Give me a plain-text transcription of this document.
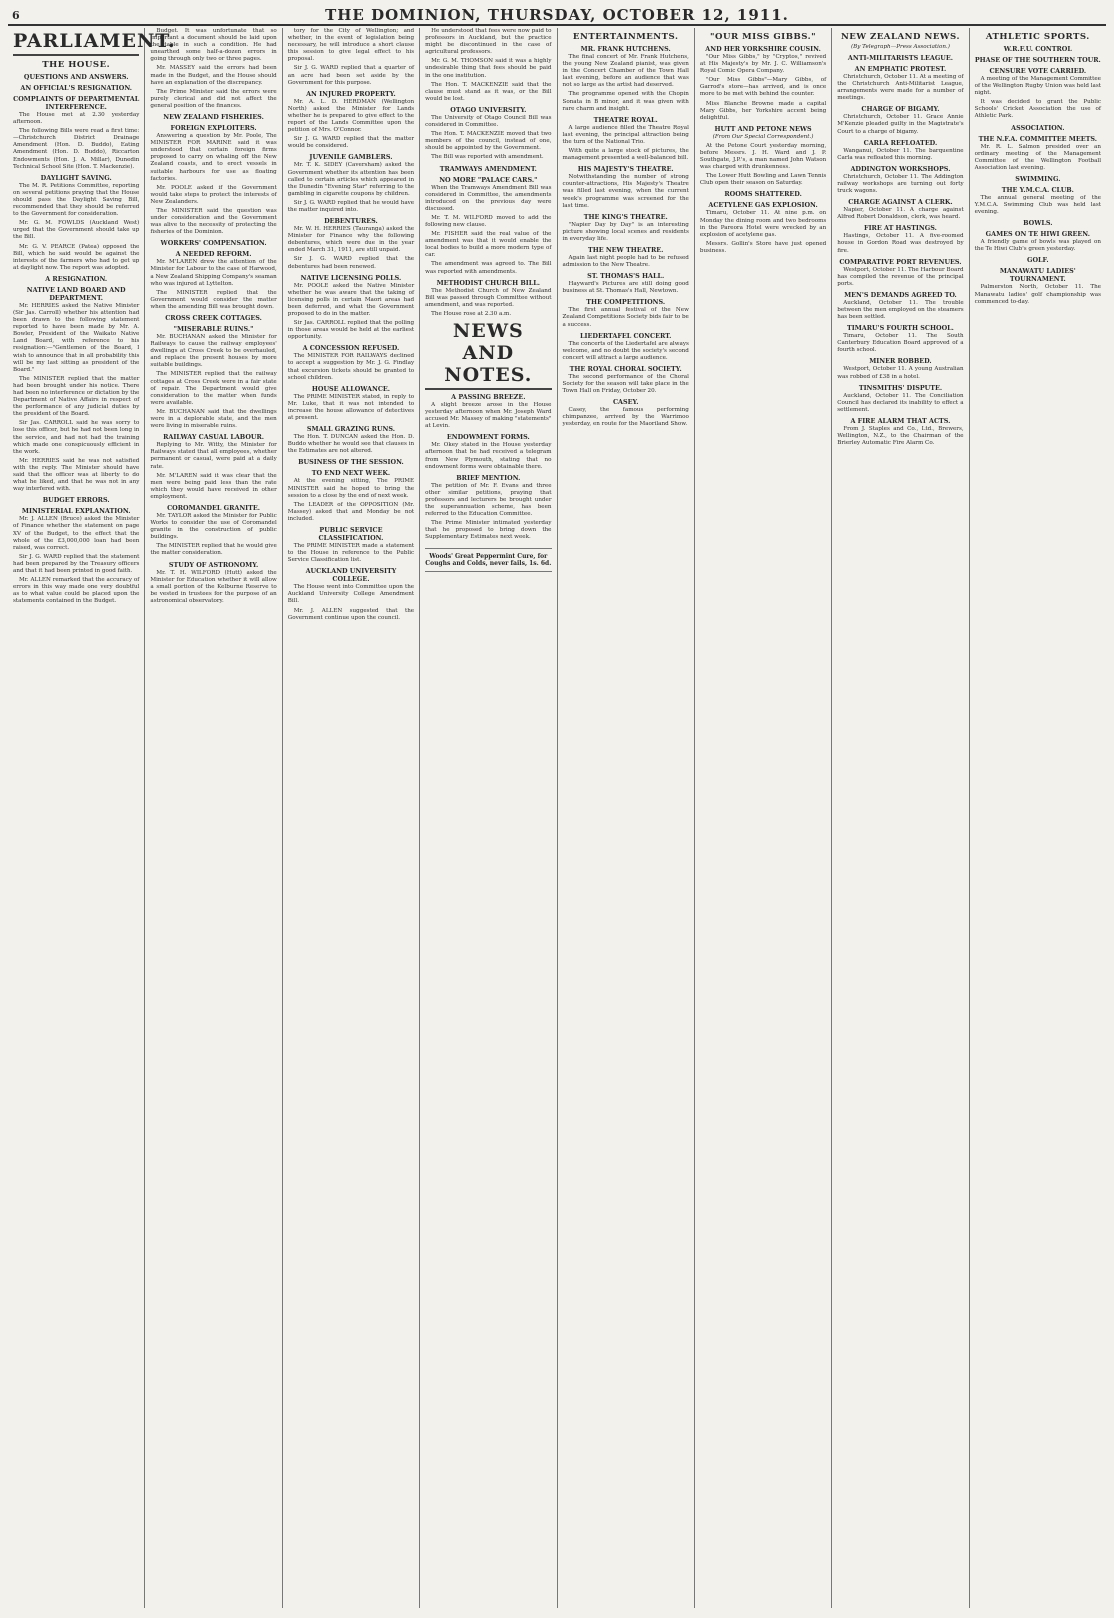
6	THE DOMINION, THURSDAY, OCTOBER 12, 1911.
PARLIAMENT.
THE HOUSE.
QUESTIONS AND ANSWERS.
AN OFFICIAL'S RESIGNATION.
COMPLAINTS OF DEPARTMENTAL INTERFERENCE.

The House met at 2.30 yesterday afternoon.

The following Bills were read a first time:—Christchurch District Drainage Amendment (Hon. D. Buddo), Eating Amendment (Hon. D. Buddo), Riccarton Endowments (Hon. J. A. Millar), Dunedin Technical School Site (Hon. T. Mackenzie).

DAYLIGHT SAVING.

The M. R. Petitions Committee, reporting on several petitions praying that the House should pass the Daylight Saving Bill, recommended that they should be referred to the Government for consideration.

Mr. G. M. FOWLDS (Auckland West) urged that the Government should take up the Bill.

Mr. G. V. PEARCE (Patea) opposed the Bill, which he said would be against the interests of the farmers who had to get up at daylight now. The report was adopted.

A RESIGNATION.
NATIVE LAND BOARD AND DEPARTMENT.

Mr. HERRIES asked the Native Minister (Sir Jas. Carroll) whether his attention had been drawn to the following statement reported to have been made by Mr. A. Bowler, President of the Waikato Native Land Board, with reference to his resignation:—"Gentlemen of the Board, I wish to announce that in all probability this will be my last sitting as president of the Board."

The MINISTER replied that the matter had been brought under his notice. There had been no interference or dictation by the Department of Native Affairs in respect of the performance of any judicial duties by the president of the Board.

Sir Jas. CARROLL said he was sorry to lose this officer, but he had not been long in the service, and had not had the training which made one conspicuously efficient in the work.

Mr. HERRIES said he was not satisfied with the reply. The Minister should have said that the officer was at liberty to do what he liked, and that he was not in any way interfered with.

BUDGET ERRORS.
MINISTERIAL EXPLANATION.

Mr. J. ALLEN (Bruce) asked the Minister of Finance whether the statement on page XV of the Budget, to the effect that the whole of the £3,000,000 loan had been raised, was correct.

Sir J. G. WARD replied that the statement had been prepared by the Treasury officers and that it had been printed in good faith.

Mr. ALLEN remarked that the accuracy of errors in this way made one very doubtful as to what value could be placed upon the statements contained in the Budget.

Budget. It was unfortunate that so important a document should be laid upon the table in such a condition. He had unearthed some half-a-dozen errors in going through only two or three pages.

Mr. MASSEY said the errors had been made in the Budget, and the House should have an explanation of the discrepancy.

The Prime Minister said the errors were purely clerical and did not affect the general position of the finances.

NEW ZEALAND FISHERIES.
FOREIGN EXPLOITERS.

Answering a question by Mr. Poole, The MINISTER FOR MARINE said it was understood that certain foreign firms proposed to carry on whaling off the New Zealand coasts, and to erect vessels in suitable harbours for use as floating factories.

Mr. POOLE asked if the Government would take steps to protect the interests of New Zealanders.

The MINISTER said the question was under consideration and the Government was alive to the necessity of protecting the fisheries of the Dominion.

WORKERS' COMPENSATION.
A NEEDED REFORM.

Mr. M'LAREN drew the attention of the Minister for Labour to the case of Harwood, a New Zealand Shipping Company's seaman who was injured at Lyttelton.

The MINISTER replied that the Government would consider the matter when the amending Bill was brought down.

CROSS CREEK COTTAGES.
"MISERABLE RUINS."

Mr. BUCHANAN asked the Minister for Railways to cause the railway employees' dwellings at Cross Creek to be overhauled, and replace the present houses by more suitable buildings.

The MINISTER replied that the railway cottages at Cross Creek were in a fair state of repair. The Department would give consideration to the matter when funds were available.

Mr. BUCHANAN said that the dwellings were in a deplorable state, and the men were living in miserable ruins.

RAILWAY CASUAL LABOUR.

Replying to Mr. Witty, the Minister for Railways stated that all employees, whether permanent or casual, were paid at a daily rate.

Mr. M'LAREN said it was clear that the men were being paid less than the rate which they would have received in other employment.

COROMANDEL GRANITE.

Mr. TAYLOR asked the Minister for Public Works to consider the use of Coromandel granite in the construction of public buildings.

The MINISTER replied that he would give the matter consideration.

STUDY OF ASTRONOMY.

Mr. T. H. WILFORD (Hutt) asked the Minister for Education whether it will allow a small portion of the Kelburne Reserve to be vested in trustees for the purpose of an astronomical observatory.

tory for the City of Wellington; and whether, in the event of legislation being necessary, he will introduce a short clause this session to give legal effect to his proposal.

Sir J. G. WARD replied that a quarter of an acre had been set aside by the Government for this purpose.

AN INJURED PROPERTY.

Mr. A. L. D. HERDMAN (Wellington North) asked the Minister for Lands whether he is prepared to give effect to the report of the Lands Committee upon the petition of Mrs. O'Connor.

Sir J. G. WARD replied that the matter would be considered.

JUVENILE GAMBLERS.

Mr. T. K. SIDEY (Caversham) asked the Government whether its attention has been called to certain articles which appeared in the Dunedin "Evening Star" referring to the gambling in cigarette coupons by children.

Sir J. G. WARD replied that he would have the matter inquired into.

DEBENTURES.

Mr. W. H. HERRIES (Tauranga) asked the Minister for Finance why the following debentures, which were due in the year ended March 31, 1911, are still unpaid.

Sir J. G. WARD replied that the debentures had been renewed.

NATIVE LICENSING POLLS.

Mr. POOLE asked the Native Minister whether he was aware that the taking of licensing polls in certain Maori areas had been deferred, and what the Government proposed to do in the matter.

Sir Jas. CARROLL replied that the polling in those areas would be held at the earliest opportunity.

A CONCESSION REFUSED.

The MINISTER FOR RAILWAYS declined to accept a suggestion by Mr. J. G. Findlay that excursion tickets should be granted to school children.

HOUSE ALLOWANCE.

The PRIME MINISTER stated, in reply to Mr. Luke, that it was not intended to increase the house allowance of detectives at present.

SMALL GRAZING RUNS.

The Hon. T. DUNCAN asked the Hon. D. Buddo whether he would see that clauses in the Estimates are not altered.

BUSINESS OF THE SESSION.
TO END NEXT WEEK.

At the evening sitting, The PRIME MINISTER said he hoped to bring the session to a close by the end of next week.

The LEADER of the OPPOSITION (Mr. Massey) asked that and Monday be not included.

PUBLIC SERVICE CLASSIFICATION.

The PRIME MINISTER made a statement to the House in reference to the Public Service Classification list.

AUCKLAND UNIVERSITY COLLEGE.

The House went into Committee upon the Auckland University College Amendment Bill.

Mr. J. ALLEN suggested that the Government continue upon the council.

He understood that fees were now paid to professors in Auckland, but the practice might be discontinued in the case of agricultural professors.

Mr. G. M. THOMSON said it was a highly undesirable thing that fees should be paid in the one institution.

The Hon. T. MACKENZIE said that the clause must stand as it was, or the Bill would be lost.

OTAGO UNIVERSITY.

The University of Otago Council Bill was considered in Committee.

The Hon. T. MACKENZIE moved that two members of the council, instead of one, should be appointed by the Government.

The Bill was reported with amendment.

TRAMWAYS AMENDMENT.
NO MORE "PALACE CARS."

When the Tramways Amendment Bill was considered in Committee, the amendments introduced on the previous day were discussed.

Mr. T. M. WILFORD moved to add the following new clause.

Mr. FISHER said the real value of the amendment was that it would enable the local bodies to build a more modern type of car.

The amendment was agreed to. The Bill was reported with amendments.

METHODIST CHURCH BILL.

The Methodist Church of New Zealand Bill was passed through Committee without amendment, and was reported.

The House rose at 2.30 a.m.

NEWS AND NOTES.
A PASSING BREEZE.

A slight breeze arose in the House yesterday afternoon when Mr. Joseph Ward accused Mr. Massey of making "statements" at Levin.

ENDOWMENT FORMS.

Mr. Okey stated in the House yesterday afternoon that he had received a telegram from New Plymouth, stating that no endowment forms were obtainable there.

BRIEF MENTION.

The petition of Mr. F. Evans and three other similar petitions, praying that professors and lecturers be brought under the superannuation scheme, has been referred to the Education Committee.

The Prime Minister intimated yesterday that he proposed to bring down the Supplementary Estimates next week.

Woods' Great Peppermint Cure, for Coughs and Colds, never fails, 1s. 6d.
ENTERTAINMENTS.
MR. FRANK HUTCHENS.

The final concert of Mr. Frank Hutchens, the young New Zealand pianist, was given in the Concert Chamber of the Town Hall last evening, before an audience that was not so large as the artist had deserved.

The programme opened with the Chopin Sonata in B minor, and it was given with rare charm and insight.

THEATRE ROYAL.

A large audience filled the Theatre Royal last evening, the principal attraction being the turn of the National Trio.

With quite a large stock of pictures, the management presented a well-balanced bill.

HIS MAJESTY'S THEATRE.

Notwithstanding the number of strong counter-attractions, His Majesty's Theatre was filled last evening, when the current week's programme was screened for the last time.

THE KING'S THEATRE.

"Napier Day by Day" is an interesting picture showing local scenes and residents in everyday life.

THE NEW THEATRE.

Again last night people had to be refused admission to the New Theatre.

ST. THOMAS'S HALL.

Hayward's Pictures are still doing good business at St. Thomas's Hall, Newtown.

THE COMPETITIONS.

The first annual festival of the New Zealand Competitions Society bids fair to be a success.

LIEDERTAFEL CONCERT.

The concerts of the Liedertafel are always welcome, and no doubt the society's second concert will attract a large audience.

THE ROYAL CHORAL SOCIETY.

The second performance of the Choral Society for the season will take place in the Town Hall on Friday, October 20.

CASEY.

Casey, the famous performing chimpanzee, arrived by the Warrimoo yesterday, en route for the Maoriland Show.

"OUR MISS GIBBS."
AND HER YORKSHIRE COUSIN.

"Our Miss Gibbs," by "Cryptos," revived at His Majesty's by Mr. J. C. Williamson's Royal Comic Opera Company.

"Our Miss Gibbs"—Mary Gibbs, of Garrod's store—has arrived, and is once more to be met with behind the counter.

Miss Blanche Browne made a capital Mary Gibbs, her Yorkshire accent being delightful.

HUTT AND PETONE NEWS
(From Our Special Correspondent.)

At the Petone Court yesterday morning, before Messrs. J. H. Ward and J. P. Southgate, J.P.'s, a man named John Watson was charged with drunkenness.

The Lower Hutt Bowling and Lawn Tennis Club open their season on Saturday.

ROOMS SHATTERED.
ACETYLENE GAS EXPLOSION.

Timaru, October 11. At nine p.m. on Monday the dining room and two bedrooms in the Pareora Hotel were wrecked by an explosion of acetylene gas.

Messrs. Gollin's Store have just opened business.

NEW ZEALAND NEWS.
(By Telegraph—Press Association.)
ANTI-MILITARISTS LEAGUE.
AN EMPHATIC PROTEST.

Christchurch, October 11. At a meeting of the Christchurch Anti-Militarist League, arrangements were made for a number of meetings.

CHARGE OF BIGAMY.

Christchurch, October 11. Grace Annie M'Kenzie pleaded guilty in the Magistrate's Court to a charge of bigamy.

CARLA REFLOATED.

Wanganui, October 11. The barquentine Carla was refloated this morning.

ADDINGTON WORKSHOPS.

Christchurch, October 11. The Addington railway workshops are turning out forty truck wagons.

CHARGE AGAINST A CLERK.

Napier, October 11. A charge against Alfred Robert Donaldson, clerk, was heard.

FIRE AT HASTINGS.

Hastings, October 11. A five-roomed house in Gordon Road was destroyed by fire.

COMPARATIVE PORT REVENUES.

Westport, October 11. The Harbour Board has compiled the revenue of the principal ports.

MEN'S DEMANDS AGREED TO.

Auckland, October 11. The trouble between the men employed on the steamers has been settled.

TIMARU'S FOURTH SCHOOL.

Timaru, October 11. The South Canterbury Education Board approved of a fourth school.

MINER ROBBED.

Westport, October 11. A young Australian was robbed of £38 in a hotel.

TINSMITHS' DISPUTE.

Auckland, October 11. The Conciliation Council has declared its inability to effect a settlement.

A FIRE ALARM THAT ACTS.

From J. Staples and Co., Ltd., Brewers, Wellington, N.Z., to the Chairman of the Brierley Automatic Fire Alarm Co.

ATHLETIC SPORTS.
W.R.F.U. CONTROL
PHASE OF THE SOUTHERN TOUR.
CENSURE VOTE CARRIED.

A meeting of the Management Committee of the Wellington Rugby Union was held last night.

It was decided to grant the Public Schools' Cricket Association the use of Athletic Park.

ASSOCIATION.
THE N.F.A. COMMITTEE MEETS.

Mr. R. L. Salmon presided over an ordinary meeting of the Management Committee of the Wellington Football Association last evening.

SWIMMING.
THE Y.M.C.A. CLUB.

The annual general meeting of the Y.M.C.A. Swimming Club was held last evening.

BOWLS.
GAMES ON TE HIWI GREEN.

A friendly game of bowls was played on the Te Hiwi Club's green yesterday.

GOLF.
MANAWATU LADIES' TOURNAMENT.

Palmerston North, October 11. The Manawatu ladies' golf championship was commenced to-day.
